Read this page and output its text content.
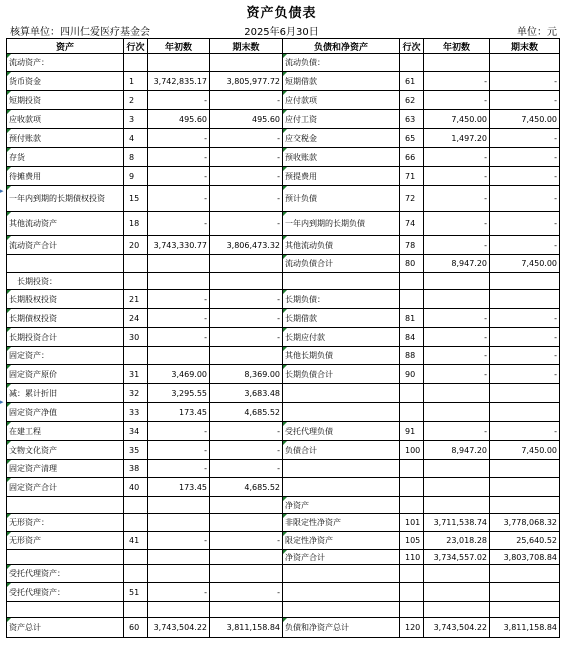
资产负债表
核算单位：四川仁爱医疗基金会	2025年6月30日	单位：元
▸
▸
资产	行次	年初数	期末数	负债和净资产	行次	年初数	期末数
流动资产：				流动负债：			
货币资金	1	3,742,835.17	3,805,977.72	短期借款	61	-	-
短期投资	2	-	-	应付款项	62	-	-
应收款项	3	495.60	495.60	应付工资	63	7,450.00	7,450.00
预付账款	4	-	-	应交税金	65	1,497.20	-
存货	8	-	-	预收账款	66	-	-
待摊费用	9	-	-	预提费用	71	-	-
一年内到期的长期债权投资	15	-	-	预计负债	72	-	-
其他流动资产	18	-	-	一年内到期的长期负债	74	-	-
流动资产合计	20	3,743,330.77	3,806,473.32	其他流动负债	78	-	-
				流动负债合计	80	8,947.20	7,450.00
长期投资：							
长期股权投资	21	-	-	长期负债：			
长期债权投资	24	-	-	长期借款	81	-	-
长期投资合计	30	-	-	长期应付款	84	-	-
固定资产：				其他长期负债	88	-	-
固定资产原价	31	3,469.00	8,369.00	长期负债合计	90	-	-
减：累计折旧	32	3,295.55	3,683.48				
固定资产净值	33	173.45	4,685.52				
在建工程	34	-	-	受托代理负债	91	-	-
文物文化资产	35	-	-	负债合计	100	8,947.20	7,450.00
固定资产清理	38	-	-				
固定资产合计	40	173.45	4,685.52				
				净资产			
无形资产：				非限定性净资产	101	3,711,538.74	3,778,068.32
无形资产	41	-	-	限定性净资产	105	23,018.28	25,640.52
				净资产合计	110	3,734,557.02	3,803,708.84
受托代理资产：							
受托代理资产：	51	-	-				

资产总计	60	3,743,504.22	3,811,158.84	负债和净资产总计	120	3,743,504.22	3,811,158.84
